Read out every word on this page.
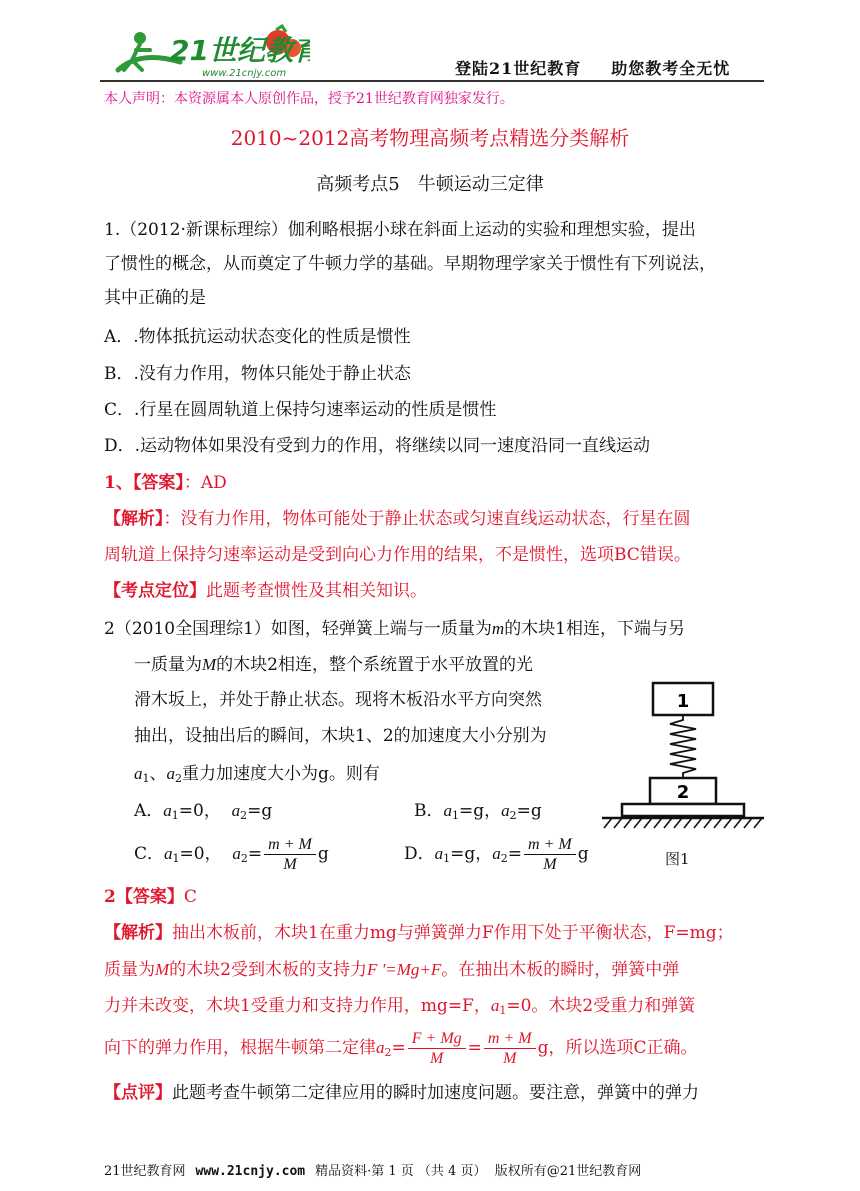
21世纪教育
www.21cnjy.com	登陆21世纪教育 助您教考全无忧
本人声明：本资源属本人原创作品，授予21世纪教育网独家发行。
2010~2012高考物理高频考点精选分类解析
高频考点5　牛顿运动三定律
1.（2012·新课标理综）伽利略根据小球在斜面上运动的实验和理想实验，提出
了惯性的概念，从而奠定了牛顿力学的基础。早期物理学家关于惯性有下列说法，
其中正确的是
A．.物体抵抗运动状态变化的性质是惯性
B．.没有力作用，物体只能处于静止状态
C．.行星在圆周轨道上保持匀速率运动的性质是惯性
D．.运动物体如果没有受到力的作用，将继续以同一速度沿同一直线运动
1、【答案】：AD
【解析】：没有力作用，物体可能处于静止状态或匀速直线运动状态，行星在圆
周轨道上保持匀速率运动是受到向心力作用的结果，不是惯性，选项BC错误。
【考点定位】此题考查惯性及其相关知识。
2（2010全国理综1）如图，轻弹簧上端与一质量为m的木块1相连，下端与另
一质量为M的木块2相连，整个系统置于水平放置的光
滑木坂上，并处于静止状态。现将木板沿水平方向突然
抽出，设抽出后的瞬间，木块1、2的加速度大小分别为
$a_1$、$a_2$重力加速度大小为g。则有
A．$a_1=0$， $a_2=g$	B．$a_1=g$，$a_2=g$
C．$a_1=0$， $a_2= \frac{m + M}{M}$ g	D．$a_1=g$，$a_2= \frac{m + M}{M}$ g
1
2
图1
2【答案】C
【解析】抽出木板前，木块1在重力mg与弹簧弹力F作用下处于平衡状态，F=mg；
质量为M的木块2受到木板的支持力F '=Mg+F。在抽出木板的瞬时，弹簧中弹
力并未改变，木块1受重力和支持力作用，mg=F，$a_1=0$。木块2受重力和弹簧
向下的弹力作用，根据牛顿第二定律$a_2= \frac{F + Mg}{M} = \frac{m + M}{M}$ g，所以选项C正确。
【点评】此题考查牛顿第二定律应用的瞬时加速度问题。要注意，弹簧中的弹力
21世纪教育网 www.21cnjy.com 精品资料·第 1 页 （共 4 页） 版权所有@21世纪教育网
